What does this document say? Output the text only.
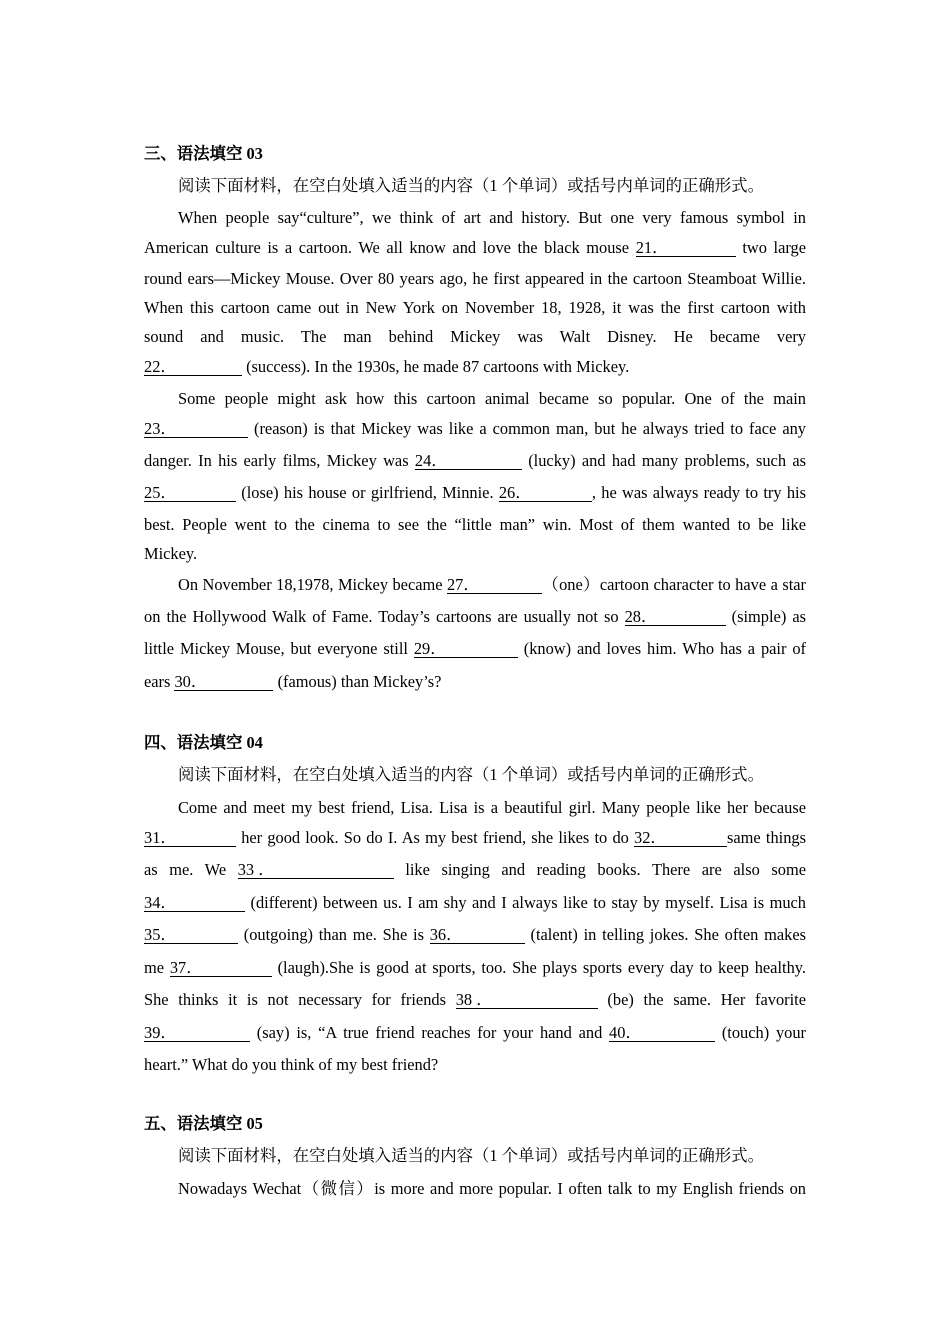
三、语法填空 03
阅读下面材料，在空白处填入适当的内容（1 个单词）或括号内单词的正确形式。
When people say“culture”, we think of art and history. But one very famous symbol in
American culture is a cartoon. We all know and love the black mouse 21．	two large
round ears—Mickey Mouse. Over 80 years ago, he first appeared in the cartoon Steamboat Willie.
When this cartoon came out in New York on November 18, 1928, it was the first cartoon with
sound and music. The man behind Mickey was Walt Disney. He became very
22．	(success). In the 1930s, he made 87 cartoons with Mickey.
Some people might ask how this cartoon animal became so popular. One of the main
23．	(reason) is that Mickey was like a common man, but he always tried to face any
danger. In his early films, Mickey was 24．	(lucky) and had many problems, such as
25．	(lose) his house or girlfriend, Minnie. 26．	, he was always ready to try his
best. People went to the cinema to see the “little man” win. Most of them wanted to be like
Mickey.
On November 18,1978, Mickey became 27．	（one）cartoon character to have a star
on the Hollywood Walk of Fame. Today’s cartoons are usually not so 28．	(simple) as
little Mickey Mouse, but everyone still 29．	(know) and loves him. Who has a pair of
ears 30．	(famous) than Mickey’s?
四、语法填空 04
阅读下面材料，在空白处填入适当的内容（1 个单词）或括号内单词的正确形式。
Come and meet my best friend, Lisa. Lisa is a beautiful girl. Many people like her because
31．	her good look. So do I. As my best friend, she likes to do 32．	same things
as me. We 33 ．	like singing and reading books. There are also some
34．	(different) between us. I am shy and I always like to stay by myself. Lisa is much
35．	(outgoing) than me. She is 36．	(talent) in telling jokes. She often makes
me 37．	(laugh).She is good at sports, too. She plays sports every day to keep healthy.
She thinks it is not necessary for friends 38 ．	(be) the same. Her favorite
39．	(say) is, “A true friend reaches for your hand and 40．	(touch) your
heart.” What do you think of my best friend?
五、语法填空 05
阅读下面材料，在空白处填入适当的内容（1 个单词）或括号内单词的正确形式。
Nowadays Wechat（微信）is more and more popular. I often talk to my English friends on
